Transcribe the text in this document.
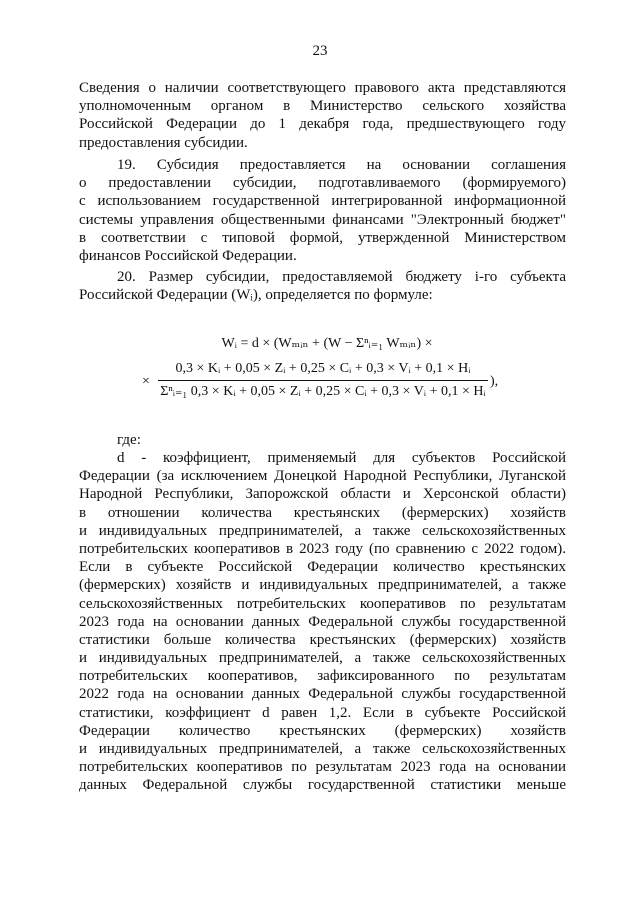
23
Сведения о наличии соответствующего правового акта представляются
уполномоченным органом в Министерство сельского хозяйства
Российской Федерации до 1 декабря года, предшествующего году
предоставления субсидии.
19. Субсидия предоставляется на основании соглашения
о предоставлении субсидии, подготавливаемого (формируемого)
с использованием государственной интегрированной информационной
системы управления общественными финансами "Электронный бюджет"
в соответствии с типовой формой, утвержденной Министерством
финансов Российской Федерации.
20. Размер субсидии, предоставляемой бюджету i-го субъекта
Российской Федерации (Wᵢ), определяется по формуле:
Wᵢ = d × (Wₘᵢₙ + (W − Σⁿᵢ₌₁ Wₘᵢₙ) ×
×
0,3 × Kᵢ + 0,05 × Zᵢ + 0,25 × Cᵢ + 0,3 × Vᵢ + 0,1 × Hᵢ
Σⁿᵢ₌₁ 0,3 × Kᵢ + 0,05 × Zᵢ + 0,25 × Cᵢ + 0,3 × Vᵢ + 0,1 × Hᵢ
),
где:
d - коэффициент, применяемый для субъектов Российской
Федерации (за исключением Донецкой Народной Республики, Луганской
Народной Республики, Запорожской области и Херсонской области)
в отношении количества крестьянских (фермерских) хозяйств
и индивидуальных предпринимателей, а также сельскохозяйственных
потребительских кооперативов в 2023 году (по сравнению с 2022 годом).
Если в субъекте Российской Федерации количество крестьянских
(фермерских) хозяйств и индивидуальных предпринимателей, а также
сельскохозяйственных потребительских кооперативов по результатам
2023 года на основании данных Федеральной службы государственной
статистики больше количества крестьянских (фермерских) хозяйств
и индивидуальных предпринимателей, а также сельскохозяйственных
потребительских кооперативов, зафиксированного по результатам
2022 года на основании данных Федеральной службы государственной
статистики, коэффициент d равен 1,2. Если в субъекте Российской
Федерации количество крестьянских (фермерских) хозяйств
и индивидуальных предпринимателей, а также сельскохозяйственных
потребительских кооперативов по результатам 2023 года на основании
данных Федеральной службы государственной статистики меньше
